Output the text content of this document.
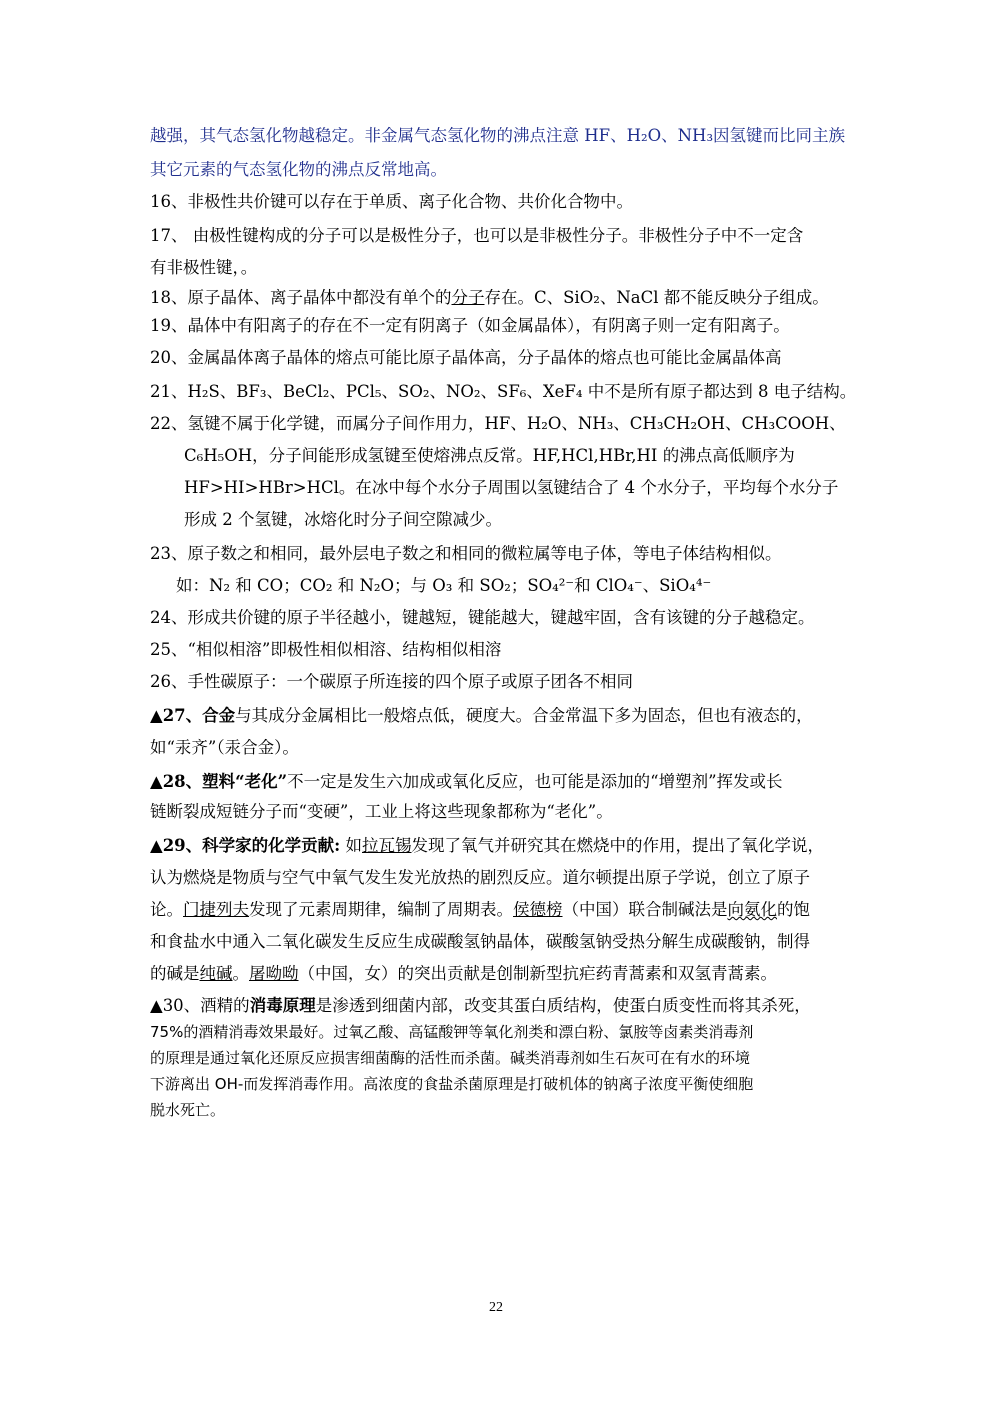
越强，其气态氢化物越稳定。非金属气态氢化物的沸点注意 HF、H₂O、NH₃因氢键而比同主族
其它元素的气态氢化物的沸点反常地高。
16、非极性共价键可以存在于单质、离子化合物、共价化合物中。
17、 由极性键构成的分子可以是极性分子，也可以是非极性分子。非极性分子中不一定含
有非极性键，。
18、原子晶体、离子晶体中都没有单个的分子存在。C、SiO₂、NaCl 都不能反映分子组成。
19、晶体中有阳离子的存在不一定有阴离子（如金属晶体），有阴离子则一定有阳离子。
20、金属晶体离子晶体的熔点可能比原子晶体高，分子晶体的熔点也可能比金属晶体高
21、H₂S、BF₃、BeCl₂、PCl₅、SO₂、NO₂、SF₆、XeF₄ 中不是所有原子都达到 8 电子结构。
22、氢键不属于化学键，而属分子间作用力，HF、H₂O、NH₃、CH₃CH₂OH、CH₃COOH、
C₆H₅OH，分子间能形成氢键至使熔沸点反常。HF,HCl,HBr,HI 的沸点高低顺序为
HF>HI>HBr>HCl。在冰中每个水分子周围以氢键结合了 4 个水分子，平均每个水分子
形成 2 个氢键，冰熔化时分子间空隙减少。
23、原子数之和相同，最外层电子数之和相同的微粒属等电子体，等电子体结构相似。
如：N₂ 和 CO；CO₂ 和 N₂O；与 O₃ 和 SO₂；SO₄²⁻和 ClO₄⁻、SiO₄⁴⁻
24、形成共价键的原子半径越小，键越短，键能越大，键越牢固，含有该键的分子越稳定。
25、“相似相溶”即极性相似相溶、结构相似相溶
26、手性碳原子：一个碳原子所连接的四个原子或原子团各不相同
▲27、合金与其成分金属相比一般熔点低，硬度大。合金常温下多为固态，但也有液态的，
如“汞齐”（汞合金）。
▲28、塑料“老化”不一定是发生六加成或氧化反应，也可能是添加的“增塑剂”挥发或长
链断裂成短链分子而“变硬”，工业上将这些现象都称为“老化”。
▲29、科学家的化学贡献: 如拉瓦锡发现了氧气并研究其在燃烧中的作用，提出了氧化学说，
认为燃烧是物质与空气中氧气发生发光放热的剧烈反应。道尔顿提出原子学说，创立了原子
论。门捷列夫发现了元素周期律，编制了周期表。侯德榜（中国）联合制碱法是向氨化的饱
和食盐水中通入二氧化碳发生反应生成碳酸氢钠晶体，碳酸氢钠受热分解生成碳酸钠，制得
的碱是纯碱。屠呦呦（中国，女）的突出贡献是创制新型抗疟药青蒿素和双氢青蒿素。
▲30、酒精的消毒原理是渗透到细菌内部，改变其蛋白质结构，使蛋白质变性而将其杀死，
75%的酒精消毒效果最好。过氧乙酸、高锰酸钾等氧化剂类和漂白粉、氯胺等卤素类消毒剂
的原理是通过氧化还原反应损害细菌酶的活性而杀菌。碱类消毒剂如生石灰可在有水的环境
下游离出 OH-而发挥消毒作用。高浓度的食盐杀菌原理是打破机体的钠离子浓度平衡使细胞
脱水死亡。
22
